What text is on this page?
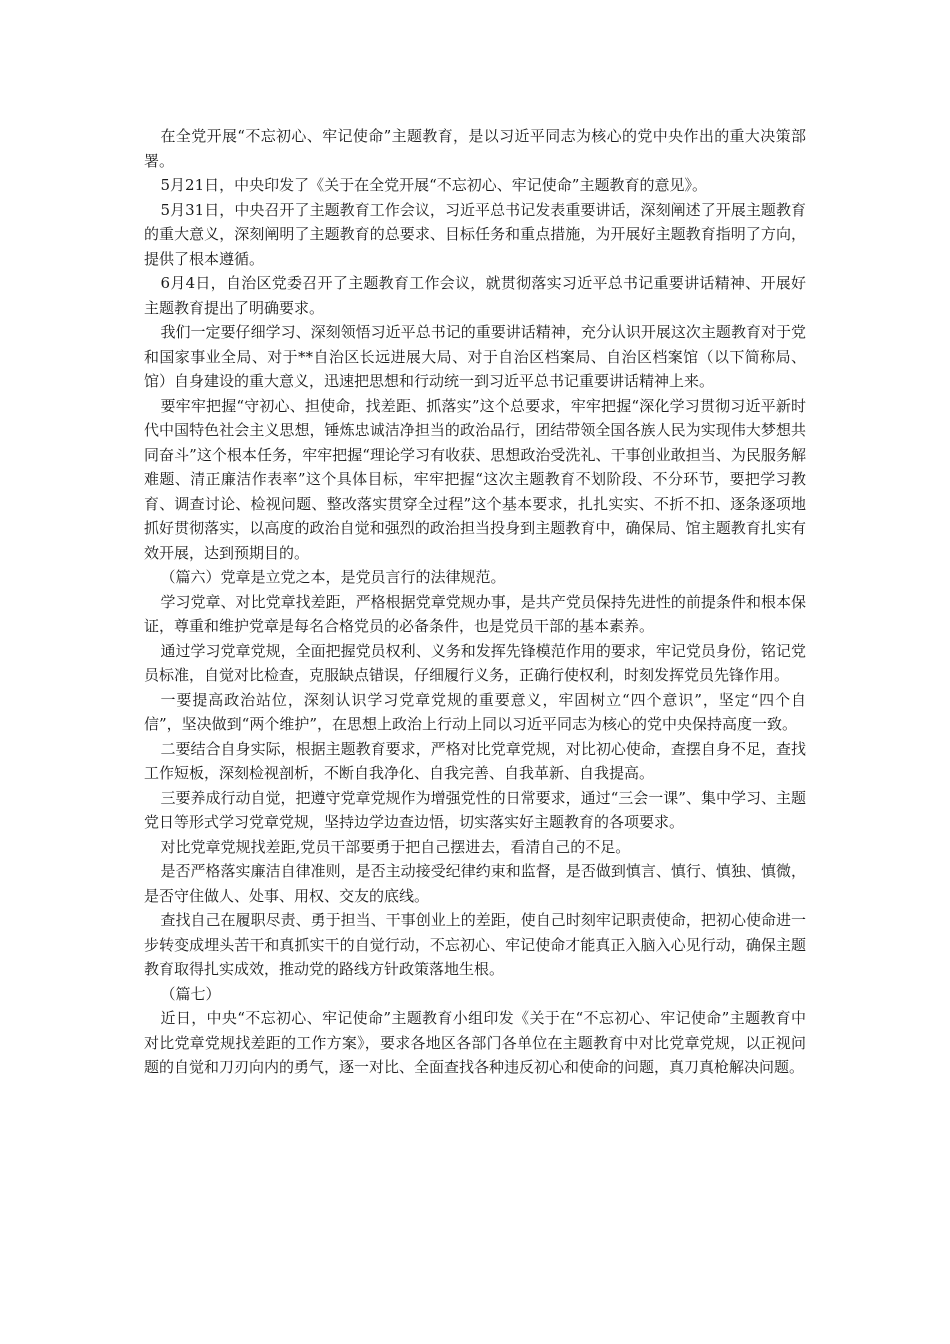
在全党开展“不忘初心、牢记使命”主题教育，是以习近平同志为核心的党中央作出的重大决策部署。

5月21日，中央印发了《关于在全党开展“不忘初心、牢记使命”主题教育的意见》。

5月31日，中央召开了主题教育工作会议，习近平总书记发表重要讲话，深刻阐述了开展主题教育的重大意义，深刻阐明了主题教育的总要求、目标任务和重点措施，为开展好主题教育指明了方向，提供了根本遵循。

6月4日，自治区党委召开了主题教育工作会议，就贯彻落实习近平总书记重要讲话精神、开展好主题教育提出了明确要求。

我们一定要仔细学习、深刻领悟习近平总书记的重要讲话精神，充分认识开展这次主题教育对于党和国家事业全局、对于**自治区长远进展大局、对于自治区档案局、自治区档案馆（以下简称局、馆）自身建设的重大意义，迅速把思想和行动统一到习近平总书记重要讲话精神上来。

要牢牢把握“守初心、担使命，找差距、抓落实”这个总要求，牢牢把握“深化学习贯彻习近平新时代中国特色社会主义思想，锤炼忠诚洁净担当的政治品行，团结带领全国各族人民为实现伟大梦想共同奋斗”这个根本任务，牢牢把握“理论学习有收获、思想政治受洗礼、干事创业敢担当、为民服务解难题、清正廉洁作表率”这个具体目标，牢牢把握“这次主题教育不划阶段、不分环节，要把学习教育、调查讨论、检视问题、整改落实贯穿全过程”这个基本要求，扎扎实实、不折不扣、逐条逐项地抓好贯彻落实，以高度的政治自觉和强烈的政治担当投身到主题教育中，确保局、馆主题教育扎实有效开展，达到预期目的。

（篇六）党章是立党之本，是党员言行的法律规范。

学习党章、对比党章找差距，严格根据党章党规办事，是共产党员保持先进性的前提条件和根本保证，尊重和维护党章是每名合格党员的必备条件，也是党员干部的基本素养。

通过学习党章党规，全面把握党员权利、义务和发挥先锋模范作用的要求，牢记党员身份，铭记党员标准，自觉对比检查，克服缺点错误，仔细履行义务，正确行使权利，时刻发挥党员先锋作用。

一要提高政治站位，深刻认识学习党章党规的重要意义，牢固树立“四个意识”，坚定“四个自信”，坚决做到“两个维护”，在思想上政治上行动上同以习近平同志为核心的党中央保持高度一致。

二要结合自身实际，根据主题教育要求，严格对比党章党规，对比初心使命，查摆自身不足，查找工作短板，深刻检视剖析，不断自我净化、自我完善、自我革新、自我提高。

三要养成行动自觉，把遵守党章党规作为增强党性的日常要求，通过“三会一课”、集中学习、主题党日等形式学习党章党规，坚持边学边查边悟，切实落实好主题教育的各项要求。

对比党章党规找差距,党员干部要勇于把自己摆进去，看清自己的不足。

是否严格落实廉洁自律准则，是否主动接受纪律约束和监督，是否做到慎言、慎行、慎独、慎微，是否守住做人、处事、用权、交友的底线。

查找自己在履职尽责、勇于担当、干事创业上的差距，使自己时刻牢记职责使命，把初心使命进一步转变成埋头苦干和真抓实干的自觉行动，不忘初心、牢记使命才能真正入脑入心见行动，确保主题教育取得扎实成效，推动党的路线方针政策落地生根。

（篇七）

近日，中央“不忘初心、牢记使命”主题教育小组印发《关于在“不忘初心、牢记使命”主题教育中对比党章党规找差距的工作方案》，要求各地区各部门各单位在主题教育中对比党章党规，以正视问题的自觉和刀刃向内的勇气，逐一对比、全面查找各种违反初心和使命的问题，真刀真枪解决问题。
